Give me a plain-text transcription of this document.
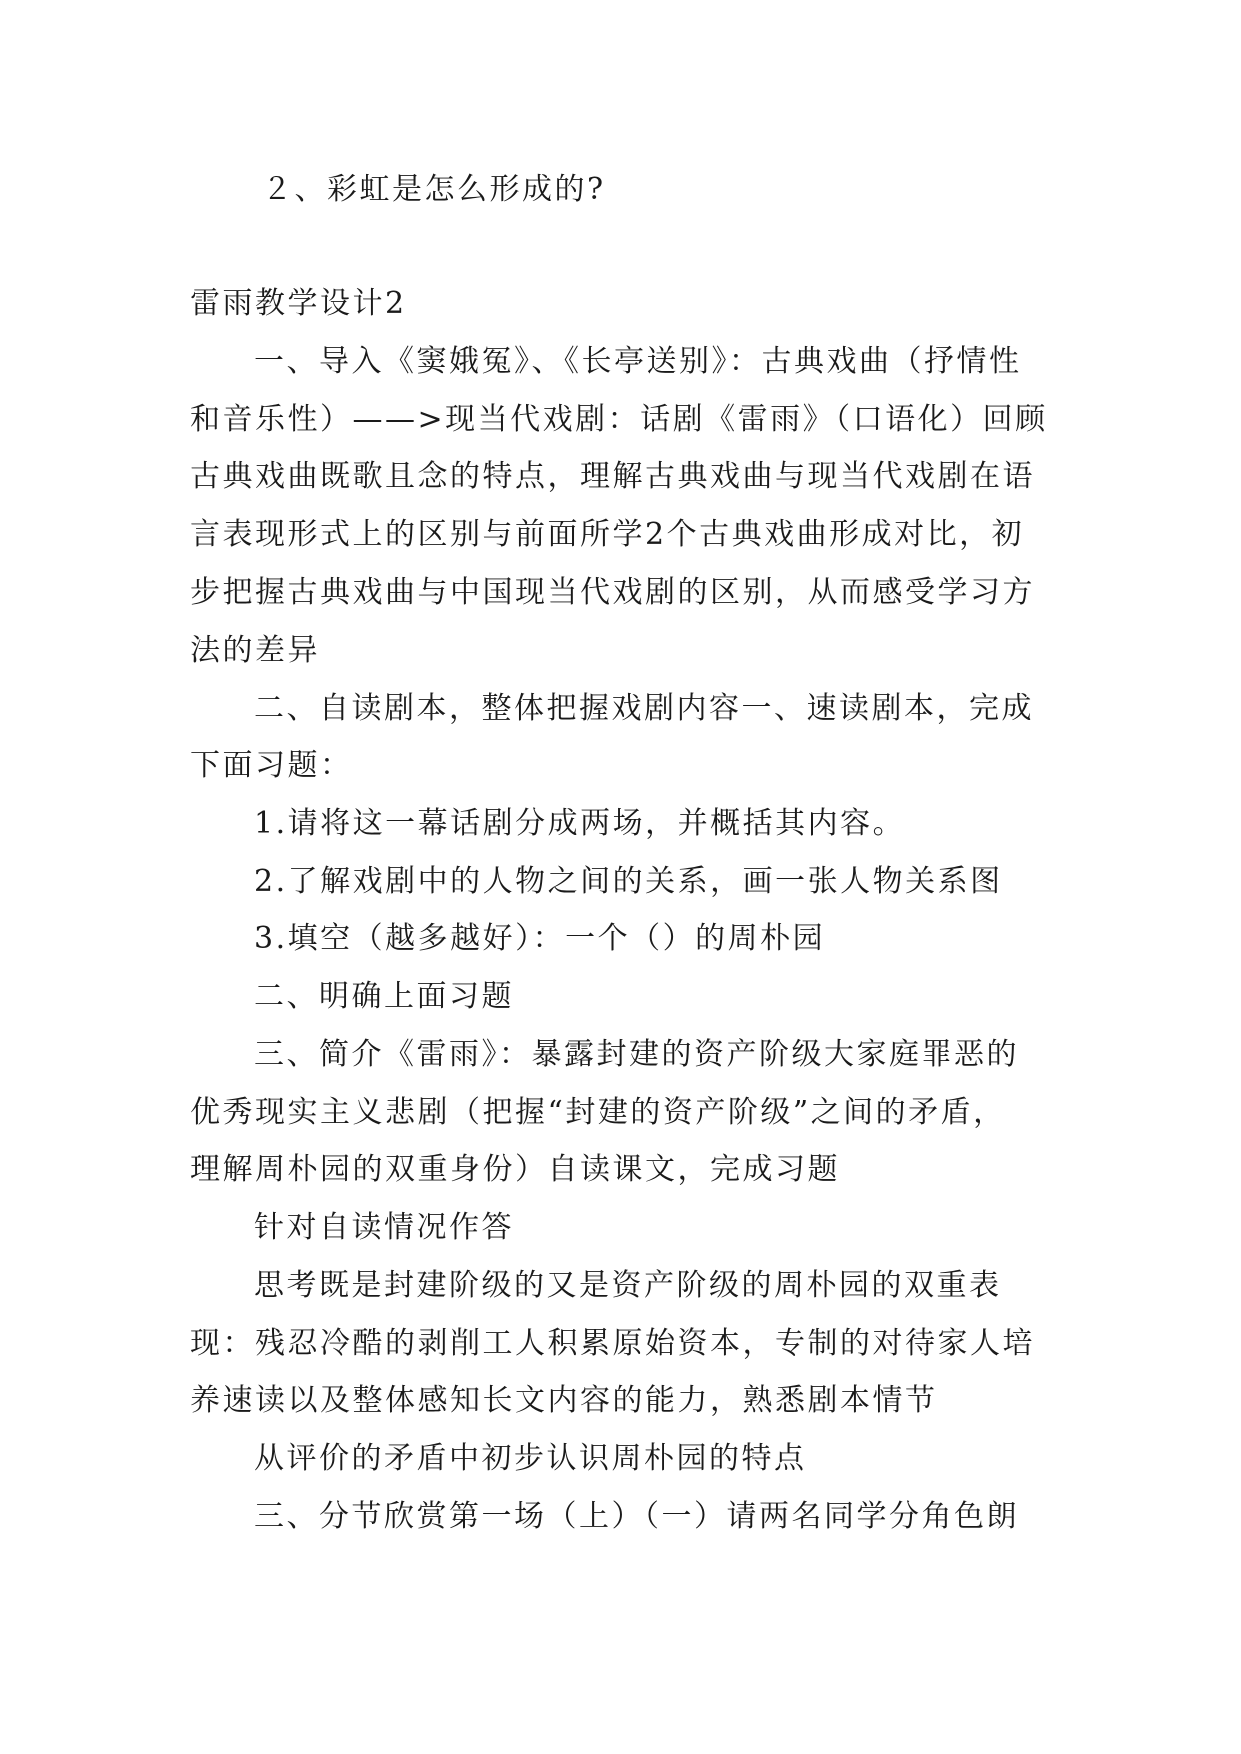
２、彩虹是怎么形成的?
雷雨教学设计2
一、导入《窦娥冤》、《长亭送别》：古典戏曲（抒情性
和音乐性）——>现当代戏剧：话剧《雷雨》（口语化）回顾
古典戏曲既歌且念的特点，理解古典戏曲与现当代戏剧在语
言表现形式上的区别与前面所学2个古典戏曲形成对比，初
步把握古典戏曲与中国现当代戏剧的区别，从而感受学习方
法的差异
二、自读剧本，整体把握戏剧内容一、速读剧本，完成
下面习题：
1.请将这一幕话剧分成两场，并概括其内容。
2.了解戏剧中的人物之间的关系，画一张人物关系图
3.填空（越多越好）：一个（）的周朴园
二、明确上面习题
三、简介《雷雨》：暴露封建的资产阶级大家庭罪恶的
优秀现实主义悲剧（把握“封建的资产阶级”之间的矛盾，
理解周朴园的双重身份）自读课文，完成习题
针对自读情况作答
思考既是封建阶级的又是资产阶级的周朴园的双重表
现：残忍冷酷的剥削工人积累原始资本，专制的对待家人培
养速读以及整体感知长文内容的能力，熟悉剧本情节
从评价的矛盾中初步认识周朴园的特点
三、分节欣赏第一场（上）（一）请两名同学分角色朗
